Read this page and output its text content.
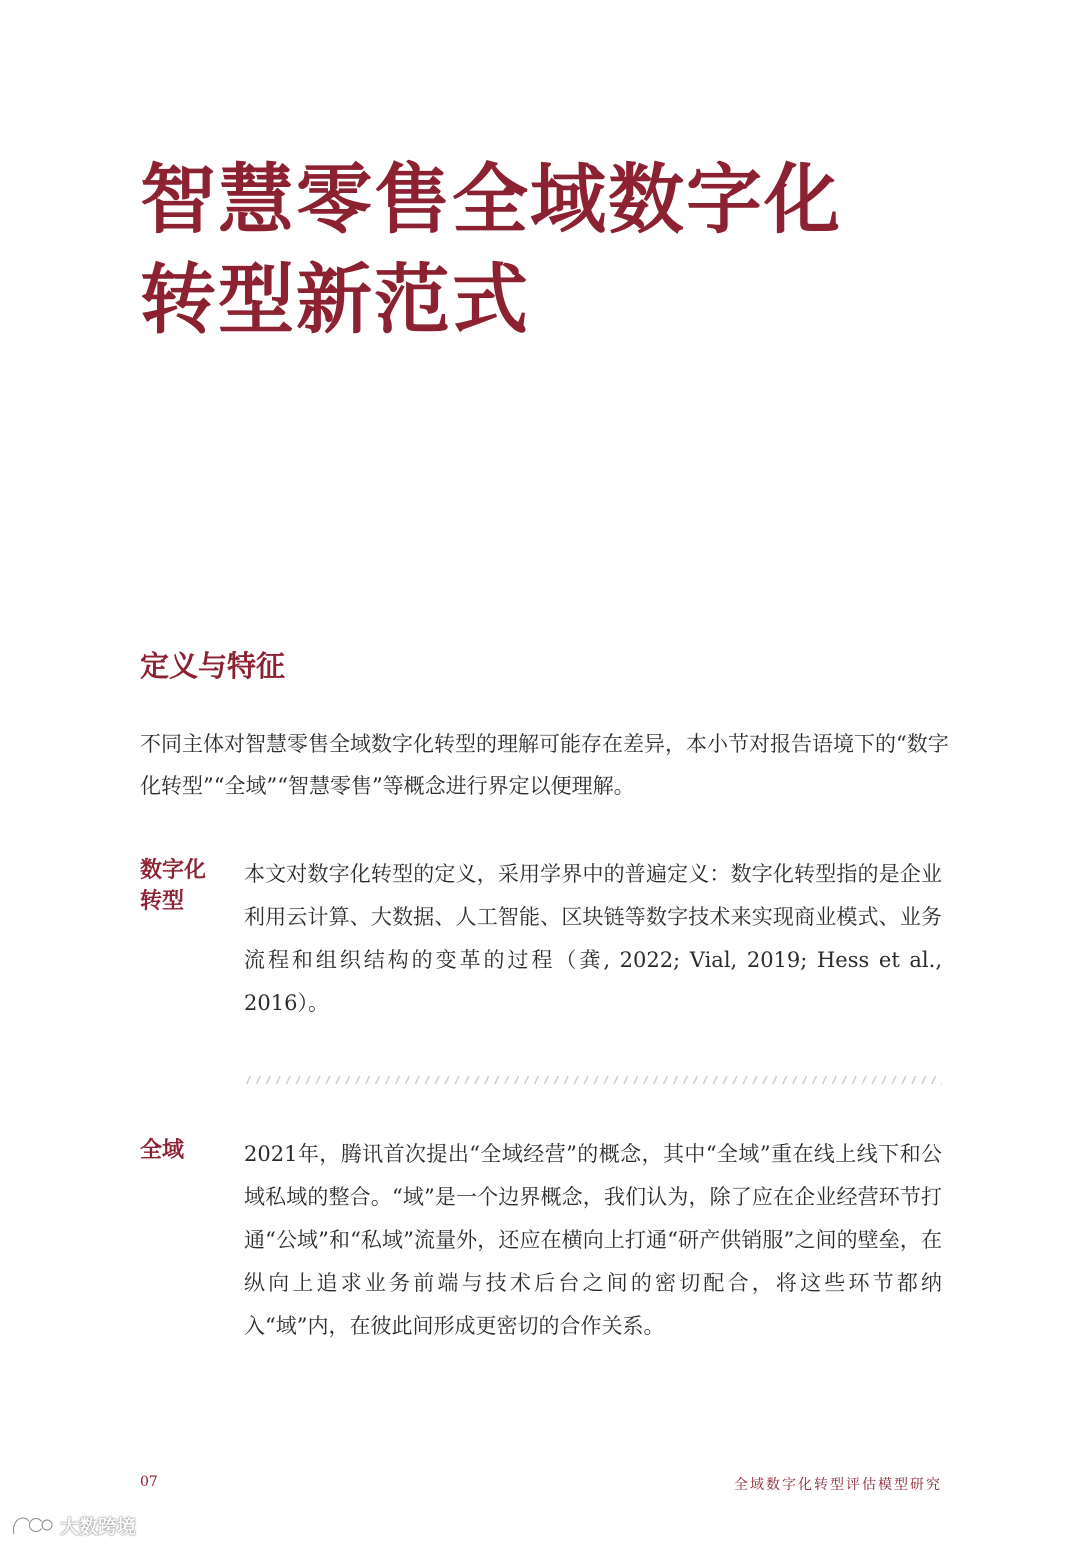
智慧零售全域数字化
转型新范式
定义与特征

不同主体对智慧零售全域数字化转型的理解可能存在差异，本小节对报告语境下的“数字化转型”“全域”“智慧零售”等概念进行界定以便理解。

数字化
转型

本文对数字化转型的定义，采用学界中的普遍定义：数字化转型指的是企业利用云计算、大数据、人工智能、区块链等数字技术来实现商业模式、业务流程和组织结构的变革的过程（龚, 2022; Vial, 2019; Hess et al., 2016）。

全域	2021年，腾讯首次提出“全域经营”的概念，其中“全域”重在线上线下和公域私域的整合。“域”是一个边界概念，我们认为，除了应在企业经营环节打通“公域”和“私域”流量外，还应在横向上打通“研产供销服”之间的壁垒，在纵向上追求业务前端与技术后台之间的密切配合，将这些环节都纳入“域”内，在彼此间形成更密切的合作关系。

07	全域数字化转型评估模型研究
大数跨境
